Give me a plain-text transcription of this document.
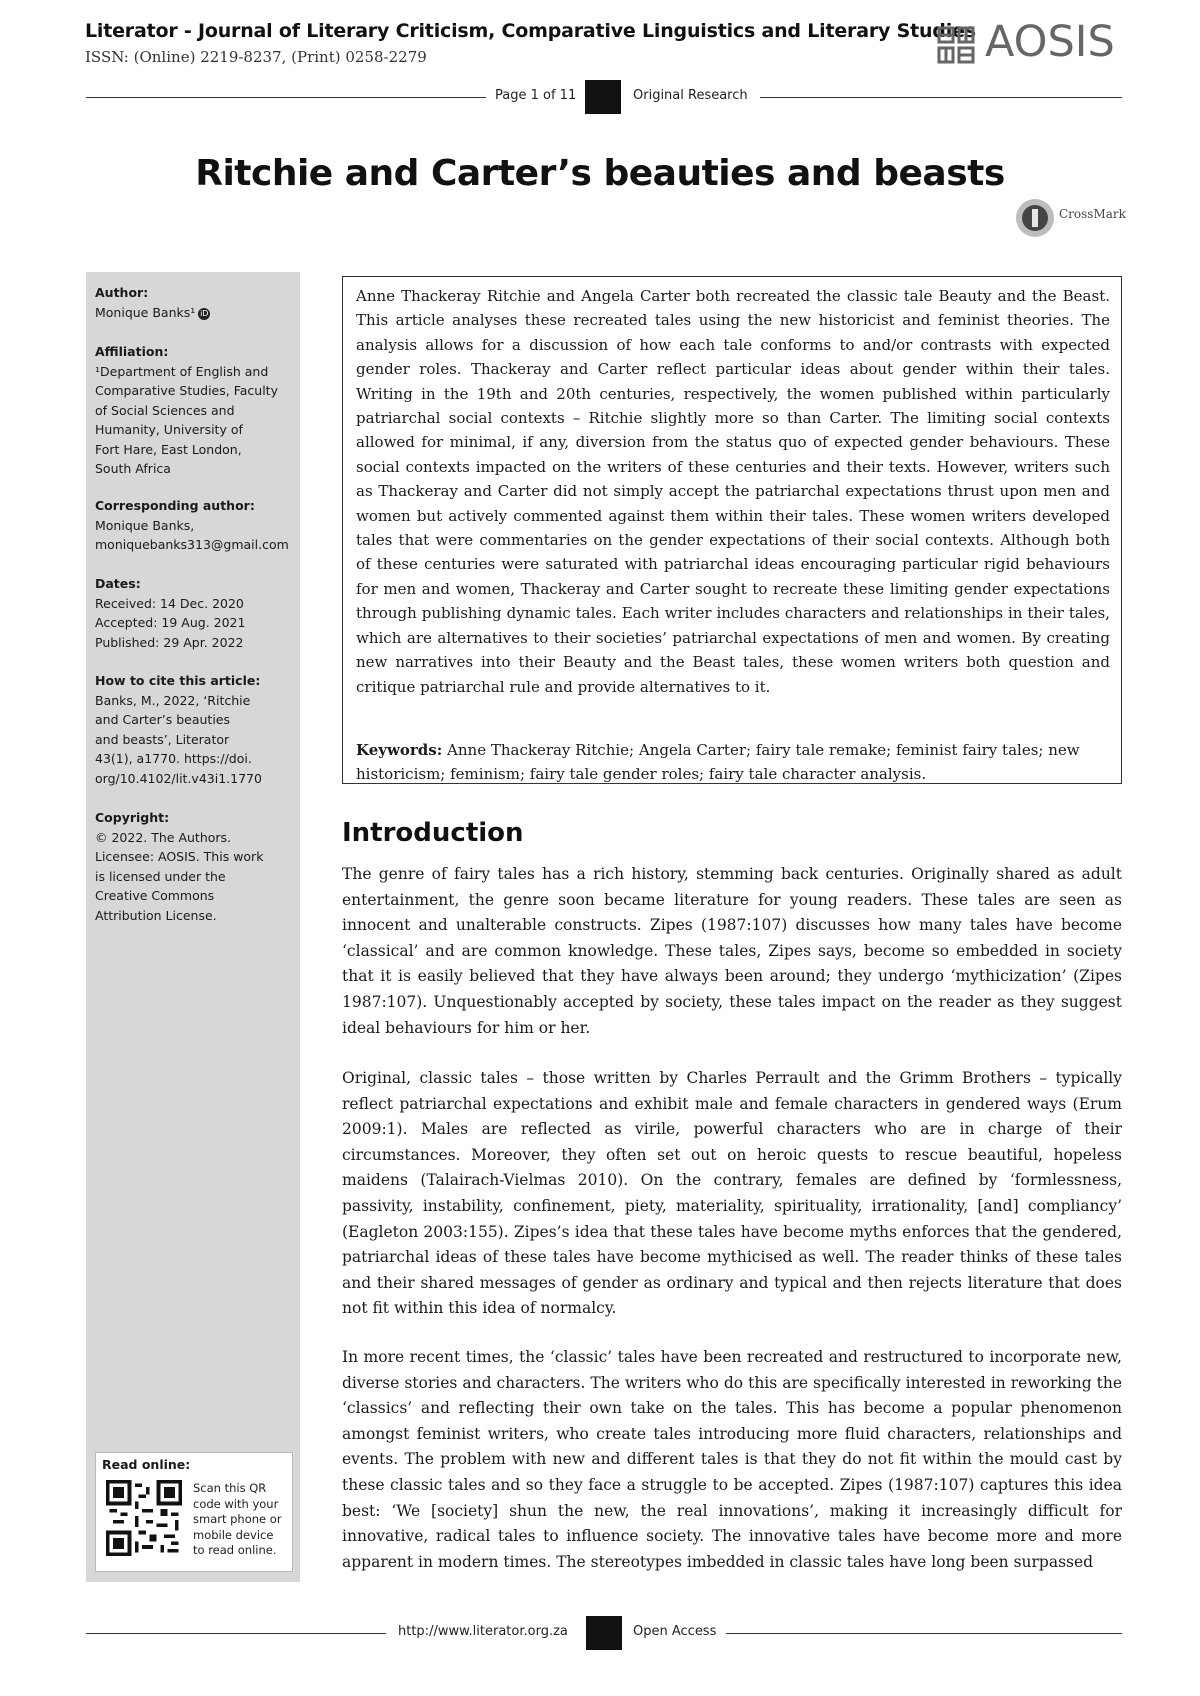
Literator - Journal of Literary Criticism, Comparative Linguistics and Literary Studies
ISSN: (Online) 2219-8237, (Print) 0258-2279	AOSIS
Page 1 of 11	Original Research
Ritchie and Carter’s beauties and beasts
CrossMark
Author:
Monique Banks¹ iD
Affiliation:
¹Department of English and
Comparative Studies, Faculty
of Social Sciences and
Humanity, University of
Fort Hare, East London,
South Africa
Corresponding author:
Monique Banks,
moniquebanks313@gmail.com
Dates:
Received: 14 Dec. 2020
Accepted: 19 Aug. 2021
Published: 29 Apr. 2022
How to cite this article:
Banks, M., 2022, ‘Ritchie
and Carter’s beauties
and beasts’, Literator
43(1), a1770. https://doi.
org/10.4102/lit.v43i1.1770
Copyright:
© 2022. The Authors.
Licensee: AOSIS. This work
is licensed under the
Creative Commons
Attribution License.
Read online:
Scan this QR
code with your
smart phone or
mobile device
to read online.
Anne Thackeray Ritchie and Angela Carter both recreated the classic tale Beauty and the Beast. This article analyses these recreated tales using the new historicist and feminist theories. The analysis allows for a discussion of how each tale conforms to and/or contrasts with expected gender roles. Thackeray and Carter reflect particular ideas about gender within their tales. Writing in the 19th and 20th centuries, respectively, the women published within particularly patriarchal social contexts – Ritchie slightly more so than Carter. The limiting social contexts allowed for minimal, if any, diversion from the status quo of expected gender behaviours. These social contexts impacted on the writers of these centuries and their texts. However, writers such as Thackeray and Carter did not simply accept the patriarchal expectations thrust upon men and women but actively commented against them within their tales. These women writers developed tales that were commentaries on the gender expectations of their social contexts. Although both of these centuries were saturated with patriarchal ideas encouraging particular rigid behaviours for men and women, Thackeray and Carter sought to recreate these limiting gender expectations through publishing dynamic tales. Each writer includes characters and relationships in their tales, which are alternatives to their societies’ patriarchal expectations of men and women. By creating new narratives into their Beauty and the Beast tales, these women writers both question and critique patriarchal rule and provide alternatives to it.
Keywords: Anne Thackeray Ritchie; Angela Carter; fairy tale remake; feminist fairy tales; new historicism; feminism; fairy tale gender roles; fairy tale character analysis.
Introduction
The genre of fairy tales has a rich history, stemming back centuries. Originally shared as adult entertainment, the genre soon became literature for young readers. These tales are seen as innocent and unalterable constructs. Zipes (1987:107) discusses how many tales have become ‘classical’ and are common knowledge. These tales, Zipes says, become so embedded in society that it is easily believed that they have always been around; they undergo ‘mythicization’ (Zipes 1987:107). Unquestionably accepted by society, these tales impact on the reader as they suggest ideal behaviours for him or her.
Original, classic tales – those written by Charles Perrault and the Grimm Brothers – typically reflect patriarchal expectations and exhibit male and female characters in gendered ways (Erum 2009:1). Males are reflected as virile, powerful characters who are in charge of their circumstances. Moreover, they often set out on heroic quests to rescue beautiful, hopeless maidens (Talairach-Vielmas 2010). On the contrary, females are defined by ‘formlessness, passivity, instability, confinement, piety, materiality, spirituality, irrationality, [and] compliancy’ (Eagleton 2003:155). Zipes’s idea that these tales have become myths enforces that the gendered, patriarchal ideas of these tales have become mythicised as well. The reader thinks of these tales and their shared messages of gender as ordinary and typical and then rejects literature that does not fit within this idea of normalcy.
In more recent times, the ‘classic’ tales have been recreated and restructured to incorporate new, diverse stories and characters. The writers who do this are specifically interested in reworking the ‘classics’ and reflecting their own take on the tales. This has become a popular phenomenon amongst feminist writers, who create tales introducing more fluid characters, relationships and events. The problem with new and different tales is that they do not fit within the mould cast by these classic tales and so they face a struggle to be accepted. Zipes (1987:107) captures this idea best: ‘We [society] shun the new, the real innovations’, making it increasingly difficult for innovative, radical tales to influence society. The innovative tales have become more and more apparent in modern times. The stereotypes imbedded in classic tales have long been surpassed
http://www.literator.org.za	Open Access
